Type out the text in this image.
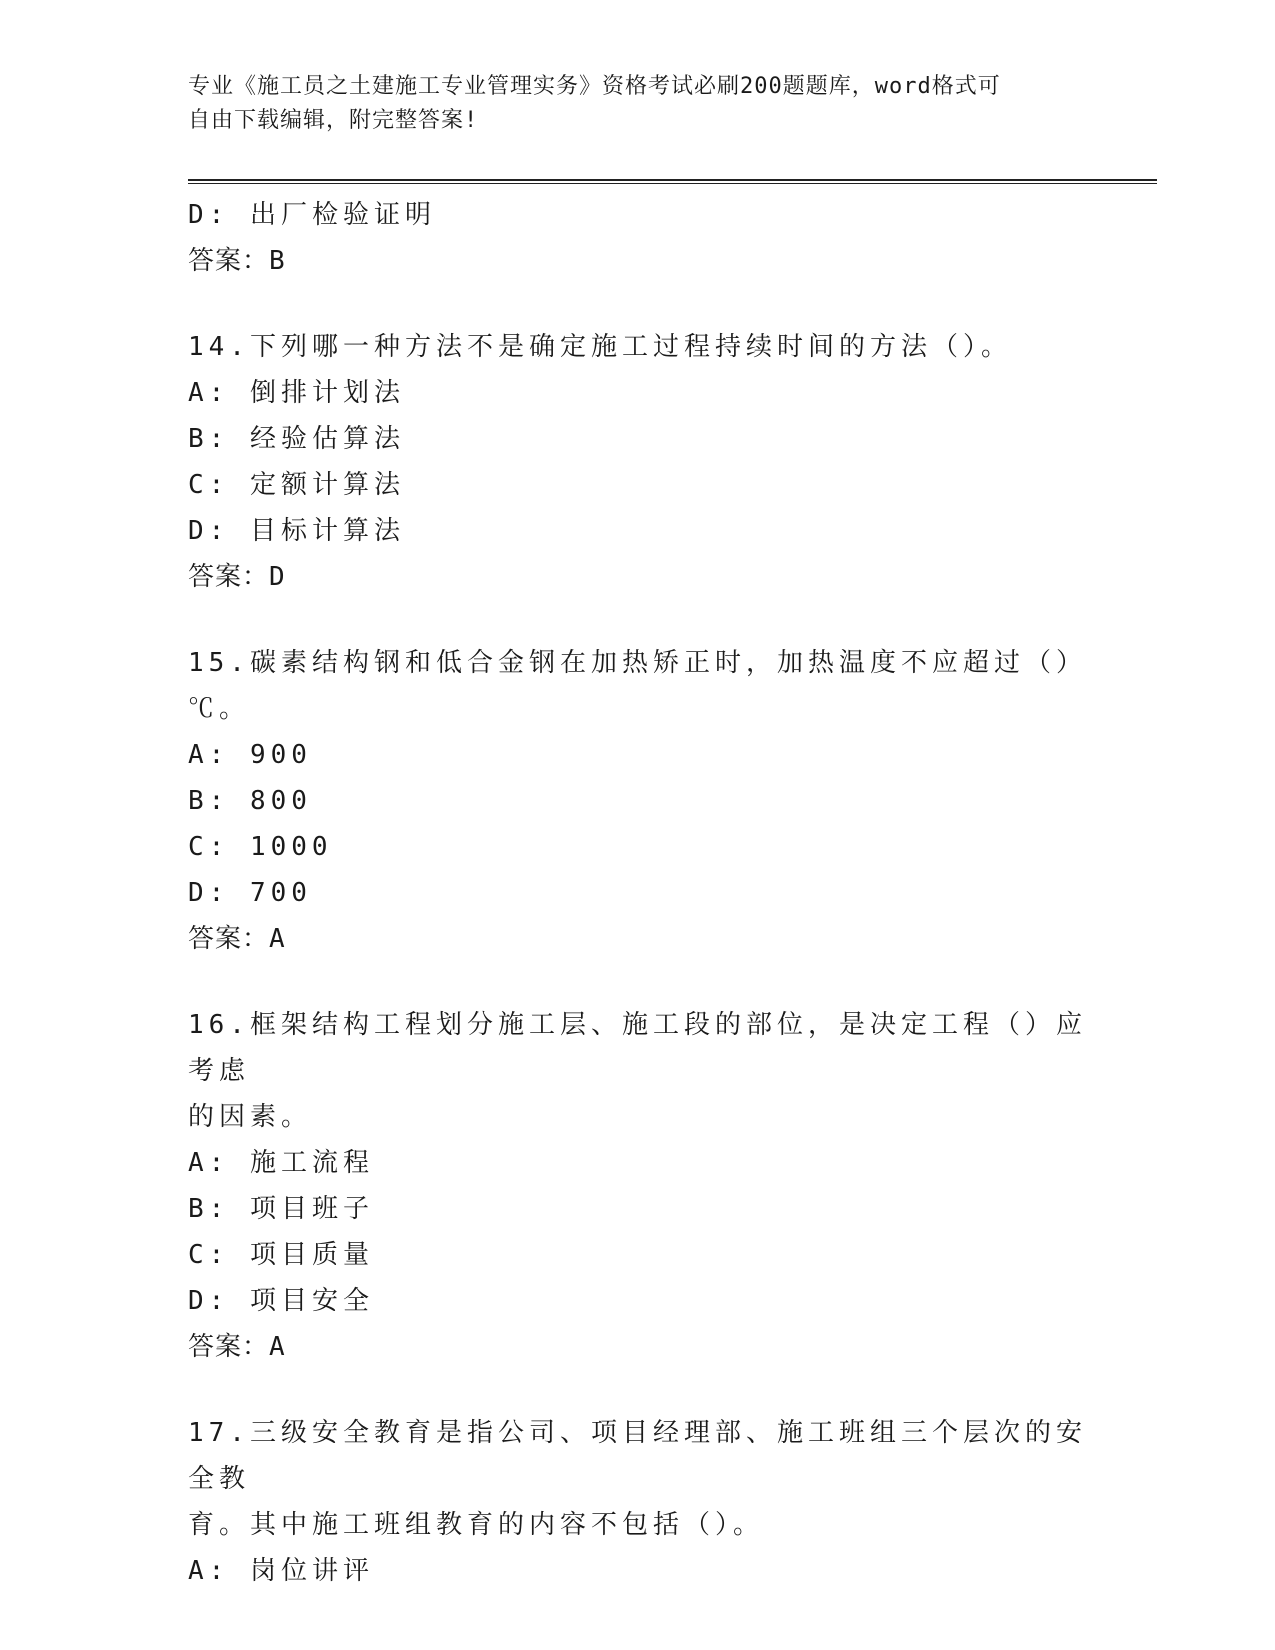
专业《施工员之土建施工专业管理实务》资格考试必刷200题题库，word格式可
自由下载编辑，附完整答案!
D: 出厂检验证明
答案：B
14.下列哪一种方法不是确定施工过程持续时间的方法（）。
A: 倒排计划法
B: 经验估算法
C: 定额计算法
D: 目标计算法
答案：D
15.碳素结构钢和低合金钢在加热矫正时，加热温度不应超过（）℃。
A: 900
B: 800
C: 1000
D: 700
答案：A
16.框架结构工程划分施工层、施工段的部位，是决定工程（）应考虑
的因素。
A: 施工流程
B: 项目班子
C: 项目质量
D: 项目安全
答案：A
17.三级安全教育是指公司、项目经理部、施工班组三个层次的安全教
育。其中施工班组教育的内容不包括（）。
A: 岗位讲评
